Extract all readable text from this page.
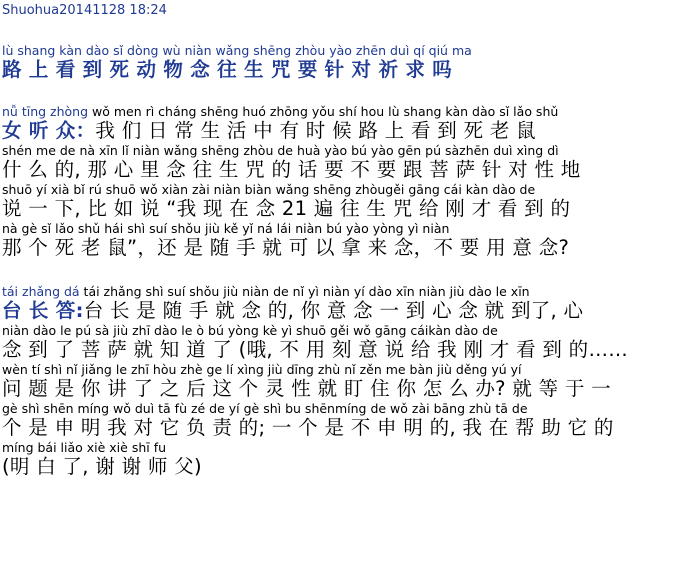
Shuohua20141128 18:24
lù shang kàn dào sǐ dòng wù niàn wǎng shēng zhòu yào zhēn duì qí qiú ma
路 上 看 到 死 动 物 念 往 生 咒 要 针 对 祈 求 吗
nǚ tīng zhòng wǒ men rì cháng shēng huó zhōng yǒu shí hou lù shang kàn dào sǐ lǎo shǔ
女 听 众：我 们 日 常 生 活 中 有 时 候 路 上 看 到 死 老 鼠
shén me de nà xīn lǐ niàn wǎng shēng zhòu de huà yào bú yào gēn pú sàzhēn duì xìng dì
什 么 的, 那 心 里 念 往 生 咒 的 话 要 不 要 跟 菩 萨 针 对 性 地
shuō yí xià bǐ rú shuō wǒ xiàn zài niàn biàn wǎng shēng zhòugěi gāng cái kàn dào de
说 一 下, 比 如 说 “我 现 在 念 21 遍 往 生 咒 给 刚 才 看 到 的
nà gè sǐ lǎo shǔ hái shì suí shǒu jiù kě yǐ ná lái niàn bú yào yòng yì niàn
那 个 死 老 鼠”，还 是 随 手 就 可 以 拿 来 念，不 要 用 意 念?
tái zhǎng dá tái zhǎng shì suí shǒu jiù niàn de nǐ yì niàn yí dào xīn niàn jiù dào le xīn
台 长 答:台 长 是 随 手 就 念 的, 你 意 念 一 到 心 念 就 到了, 心
niàn dào le pú sà jiù zhī dào le ò bú yòng kè yì shuō gěi wǒ gāng cáikàn dào de
念 到 了 菩 萨 就 知 道 了 (哦, 不 用 刻 意 说 给 我 刚 才 看 到 的……
wèn tí shì nǐ jiǎng le zhī hòu zhè ge lí xìng jiù dīng zhù nǐ zěn me bàn jiù děng yú yí
问 题 是 你 讲 了 之 后 这 个 灵 性 就 盯 住 你 怎 么 办? 就 等 于 一
gè shì shēn míng wǒ duì tā fù zé de yí gè shì bu shēnmíng de wǒ zài bāng zhù tā de
个 是 申 明 我 对 它 负 责 的; 一 个 是 不 申 明 的, 我 在 帮 助 它 的
míng bái liǎo xiè xiè shī fu
(明 白 了, 谢 谢 师 父)
